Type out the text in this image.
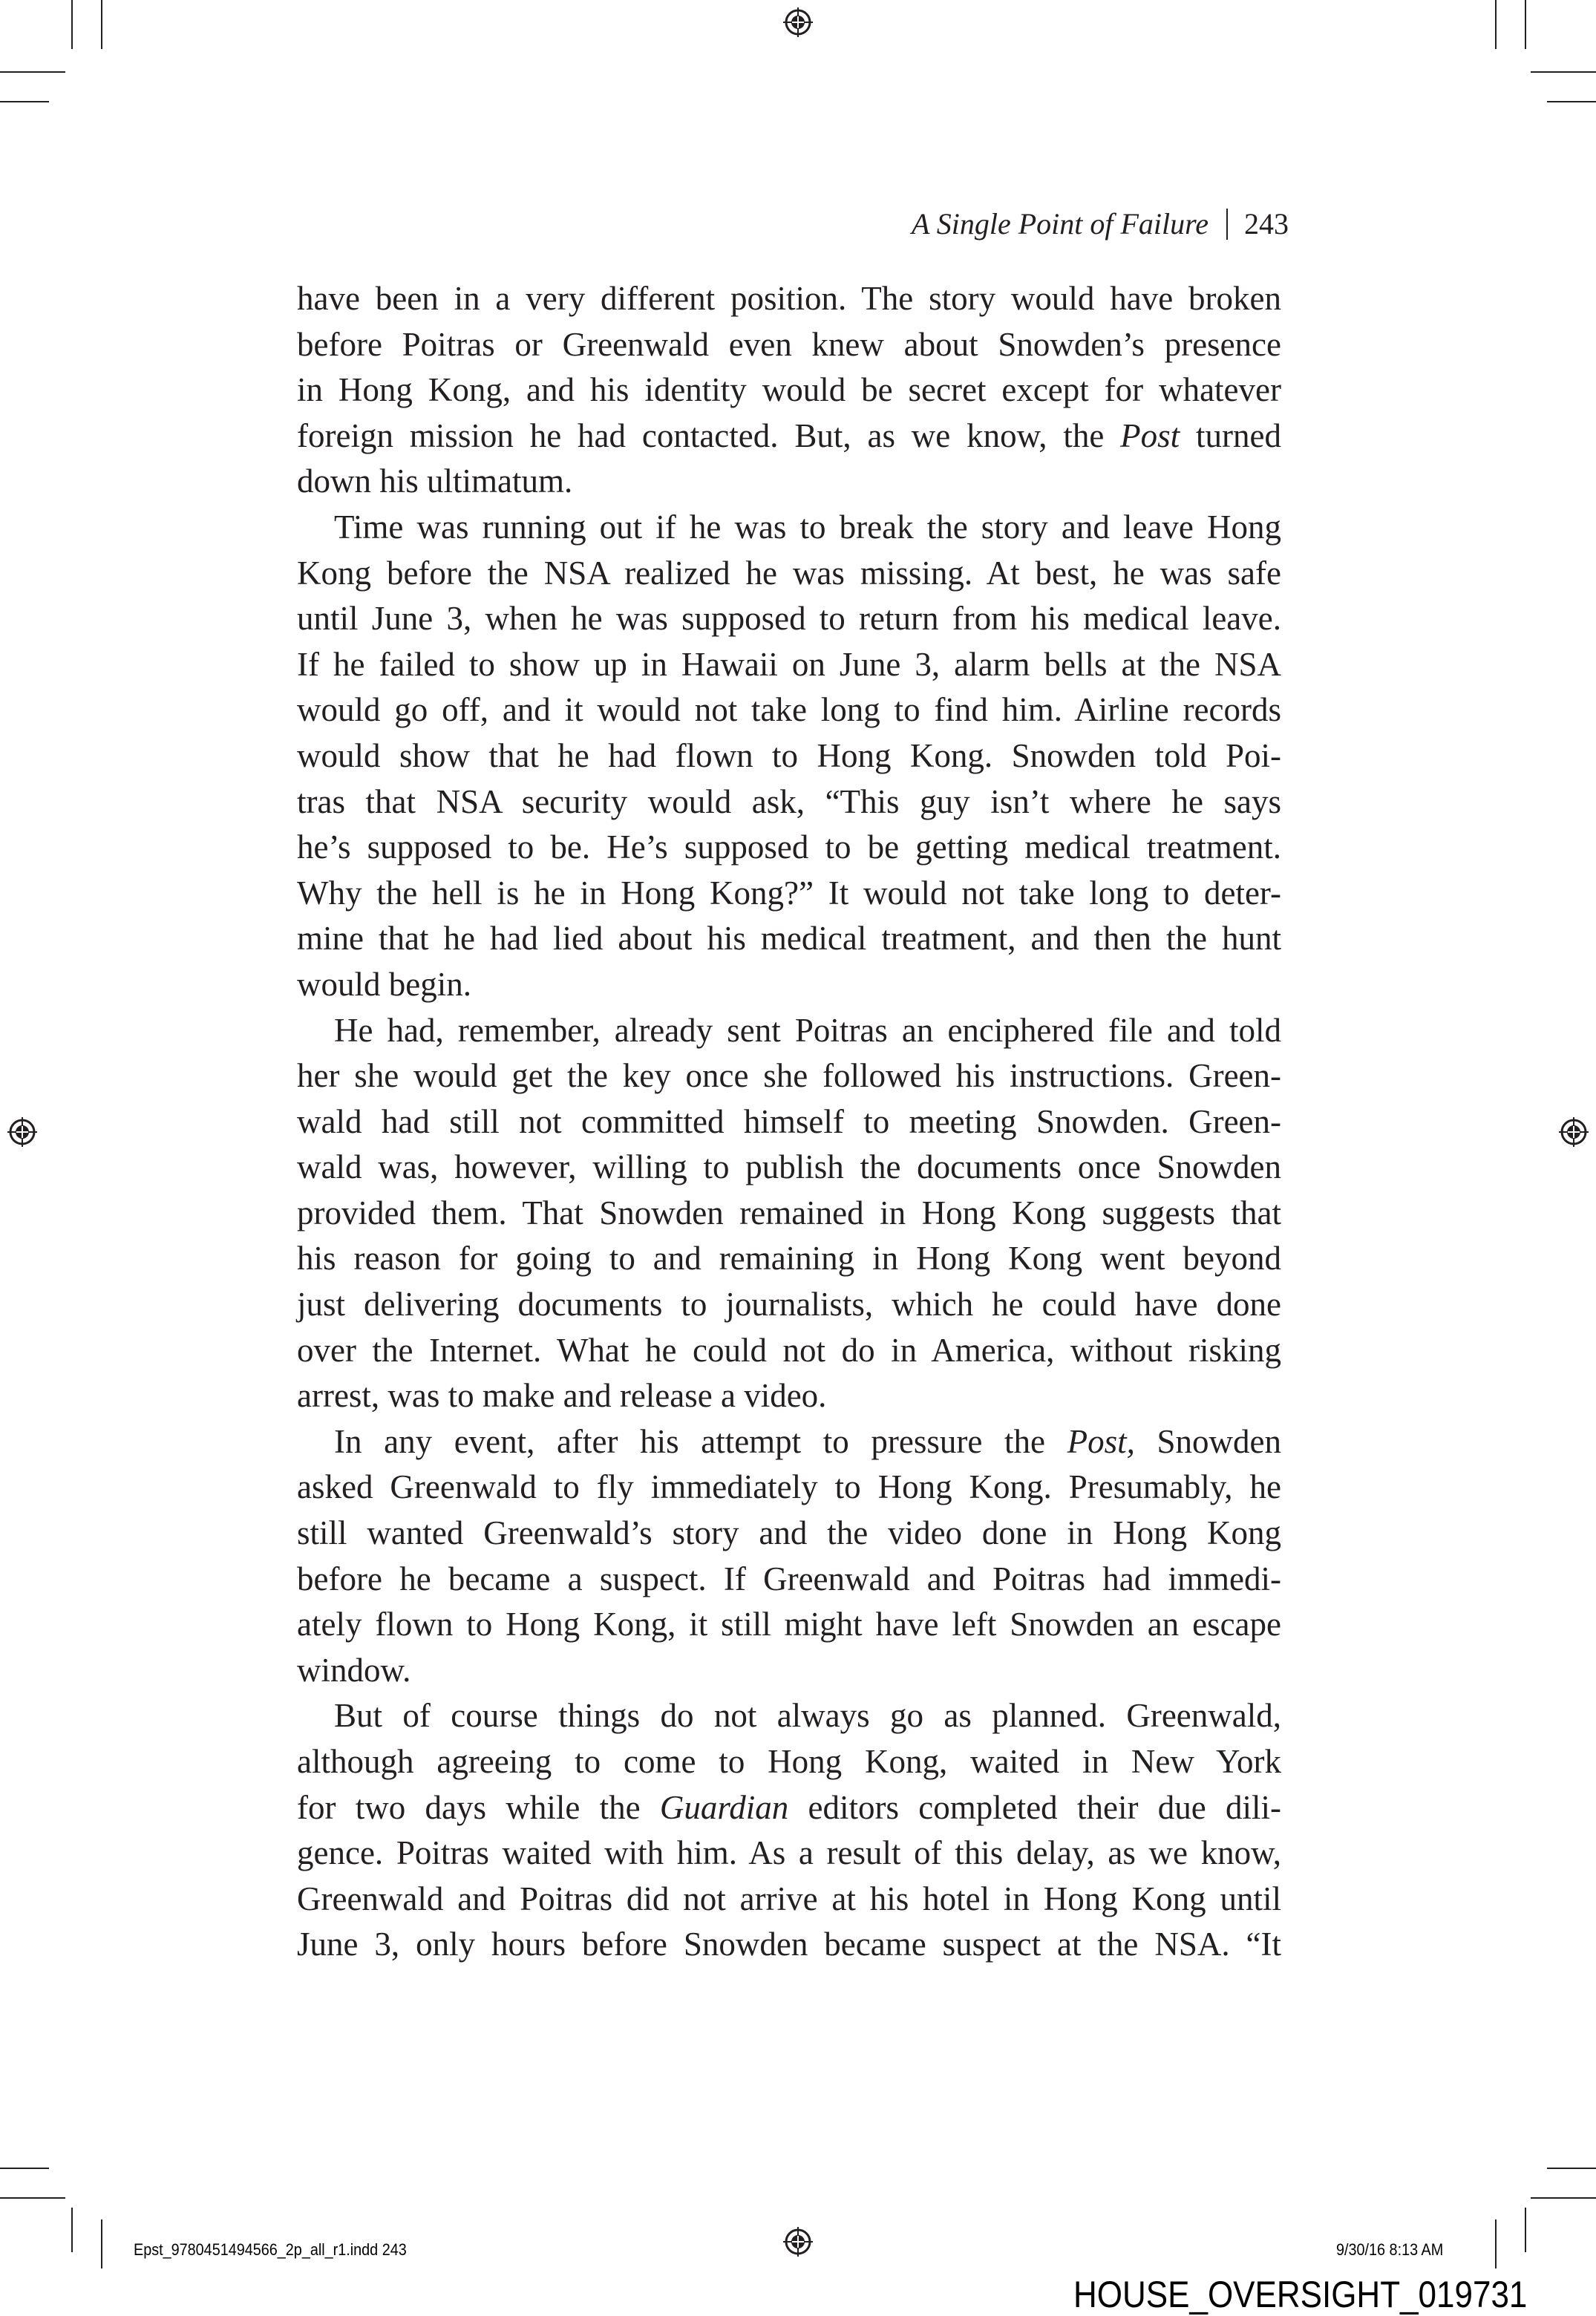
A Single Point of Failure 243
have been in a very different position. The story would have broken
before Poitras or Greenwald even knew about Snowden’s presence
in Hong Kong, and his identity would be secret except for whatever
foreign mission he had contacted. But, as we know, the Post turned
down his ultimatum.
Time was running out if he was to break the story and leave Hong
Kong before the NSA realized he was missing. At best, he was safe
until June 3, when he was supposed to return from his medical leave.
If he failed to show up in Hawaii on June 3, alarm bells at the NSA
would go off, and it would not take long to find him. Airline records
would show that he had flown to Hong Kong. Snowden told Poi-
tras that NSA security would ask, “This guy isn’t where he says
he’s supposed to be. He’s supposed to be getting medical treatment.
Why the hell is he in Hong Kong?” It would not take long to deter-
mine that he had lied about his medical treatment, and then the hunt
would begin.
He had, remember, already sent Poitras an enciphered file and told
her she would get the key once she followed his instructions. Green-
wald had still not committed himself to meeting Snowden. Green-
wald was, however, willing to publish the documents once Snowden
provided them. That Snowden remained in Hong Kong suggests that
his reason for going to and remaining in Hong Kong went beyond
just delivering documents to journalists, which he could have done
over the Internet. What he could not do in America, without risking
arrest, was to make and release a video.
In any event, after his attempt to pressure the Post, Snowden
asked Greenwald to fly immediately to Hong Kong. Presumably, he
still wanted Greenwald’s story and the video done in Hong Kong
before he became a suspect. If Greenwald and Poitras had immedi-
ately flown to Hong Kong, it still might have left Snowden an escape
window.
But of course things do not always go as planned. Greenwald,
although agreeing to come to Hong Kong, waited in New York
for two days while the Guardian editors completed their due dili-
gence. Poitras waited with him. As a result of this delay, as we know,
Greenwald and Poitras did not arrive at his hotel in Hong Kong until
June 3, only hours before Snowden became suspect at the NSA. “It
Epst_9780451494566_2p_all_r1.indd 243	9/30/16 8:13 AM
HOUSE_OVERSIGHT_019731
